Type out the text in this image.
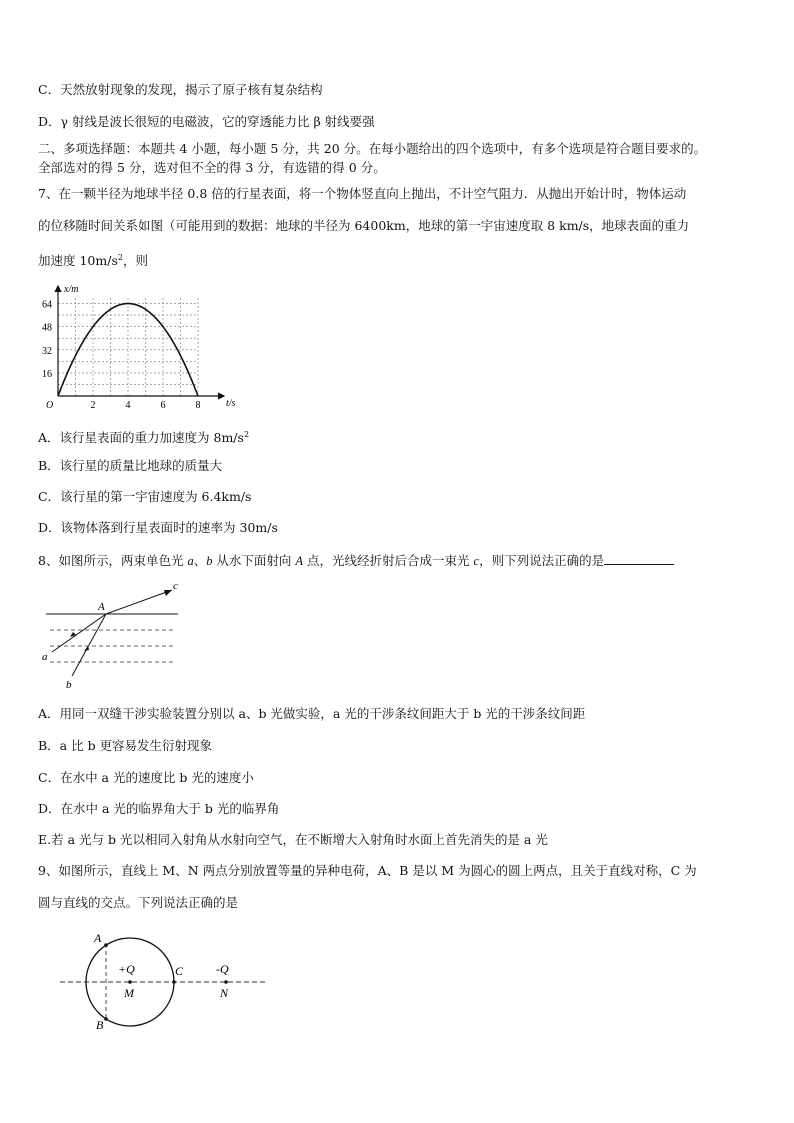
C．天然放射现象的发现，揭示了原子核有复杂结构
D．γ 射线是波长很短的电磁波，它的穿透能力比 β 射线要强
二、多项选择题：本题共 4 小题，每小题 5 分，共 20 分。在每小题给出的四个选项中，有多个选项是符合题目要求的。
全部选对的得 5 分，选对但不全的得 3 分，有选错的得 0 分。
7、在一颗半径为地球半径 0.8 倍的行星表面，将一个物体竖直向上抛出，不计空气阻力．从抛出开始计时，物体运动
的位移随时间关系如图（可能用到的数据：地球的半径为 6400km，地球的第一宇宙速度取 8 km/s，地球表面的重力
加速度 $10m/s^2$，则
x/m
t/s
O
16
32
48
64
2	4	6	8
A．该行星表面的重力加速度为 $8m/s^2$
B．该行星的质量比地球的质量大
C．该行星的第一宇宙速度为 6.4km/s
D．该物体落到行星表面时的速率为 30m/s
8、如图所示，两束单色光 a、b 从水下面射向 A 点，光线经折射后合成一束光 c，则下列说法正确的是
c
A
a
b
A．用同一双缝干涉实验装置分别以 a、b 光做实验，a 光的干涉条纹间距大于 b 光的干涉条纹间距
B．a 比 b 更容易发生衍射现象
C．在水中 a 光的速度比 b 光的速度小
D．在水中 a 光的临界角大于 b 光的临界角
E.若 a 光与 b 光以相同入射角从水射向空气，在不断增大入射角时水面上首先消失的是 a 光
9、如图所示，直线上 M、N 两点分别放置等量的异种电荷，A、B 是以 M 为圆心的圆上两点，且关于直线对称，C 为
圆与直线的交点。下列说法正确的是
A
B
C
+Q	-Q
M	N
